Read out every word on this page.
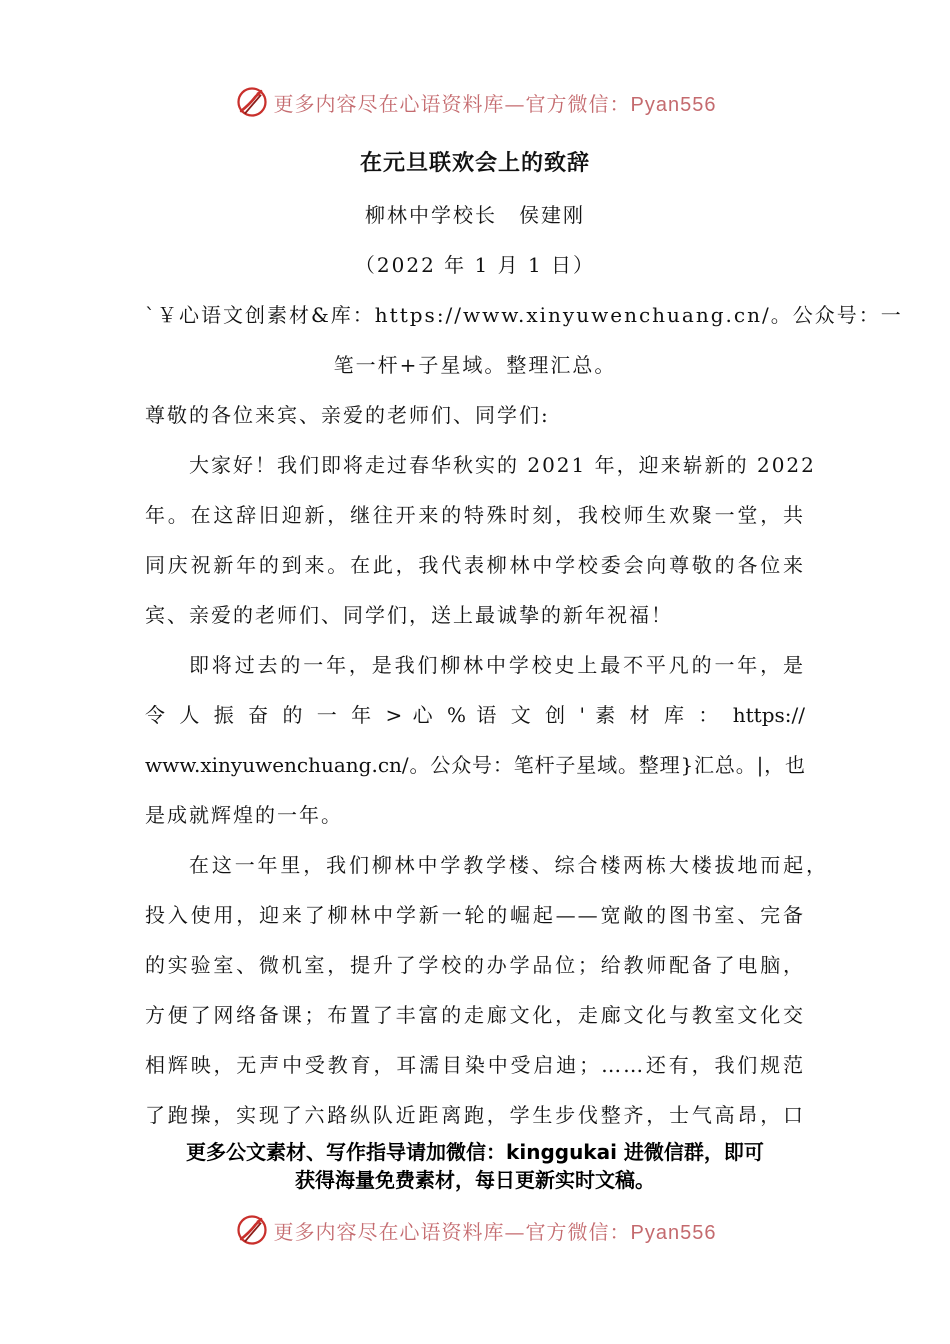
更多内容尽在心语资料库—官方微信：Pyan556
在元旦联欢会上的致辞
柳林中学校长　侯建刚
（2022 年 1 月 1 日）
`￥心语文创素材&库：https://www.xinyuwenchuang.cn/。公众号：一
笔一杆+子星域。整理汇总。
尊敬的各位来宾、亲爱的老师们、同学们:
大家好！我们即将走过春华秋实的 2021 年，迎来崭新的 2022
年。在这辞旧迎新，继往开来的特殊时刻，我校师生欢聚一堂，共
同庆祝新年的到来。在此，我代表柳林中学校委会向尊敬的各位来
宾、亲爱的老师们、同学们，送上最诚挚的新年祝福！
即将过去的一年，是我们柳林中学校史上最不平凡的一年，是
令 人 振 奋 的 一 年 > 心 % 语 文 创 ' 素 材 库 ： https://
www.xinyuwenchuang.cn/。公众号：笔杆子星域。整理}汇总。|，也
是成就辉煌的一年。
在这一年里，我们柳林中学教学楼、综合楼两栋大楼拔地而起，
投入使用，迎来了柳林中学新一轮的崛起——宽敞的图书室、完备
的实验室、微机室，提升了学校的办学品位；给教师配备了电脑，
方便了网络备课；布置了丰富的走廊文化，走廊文化与教室文化交
相辉映，无声中受教育，耳濡目染中受启迪；……还有，我们规范
了跑操，实现了六路纵队近距离跑，学生步伐整齐，士气高昂，口
更多公文素材、写作指导请加微信：kinggukai 进微信群，即可
获得海量免费素材，每日更新实时文稿。
更多内容尽在心语资料库—官方微信：Pyan556
